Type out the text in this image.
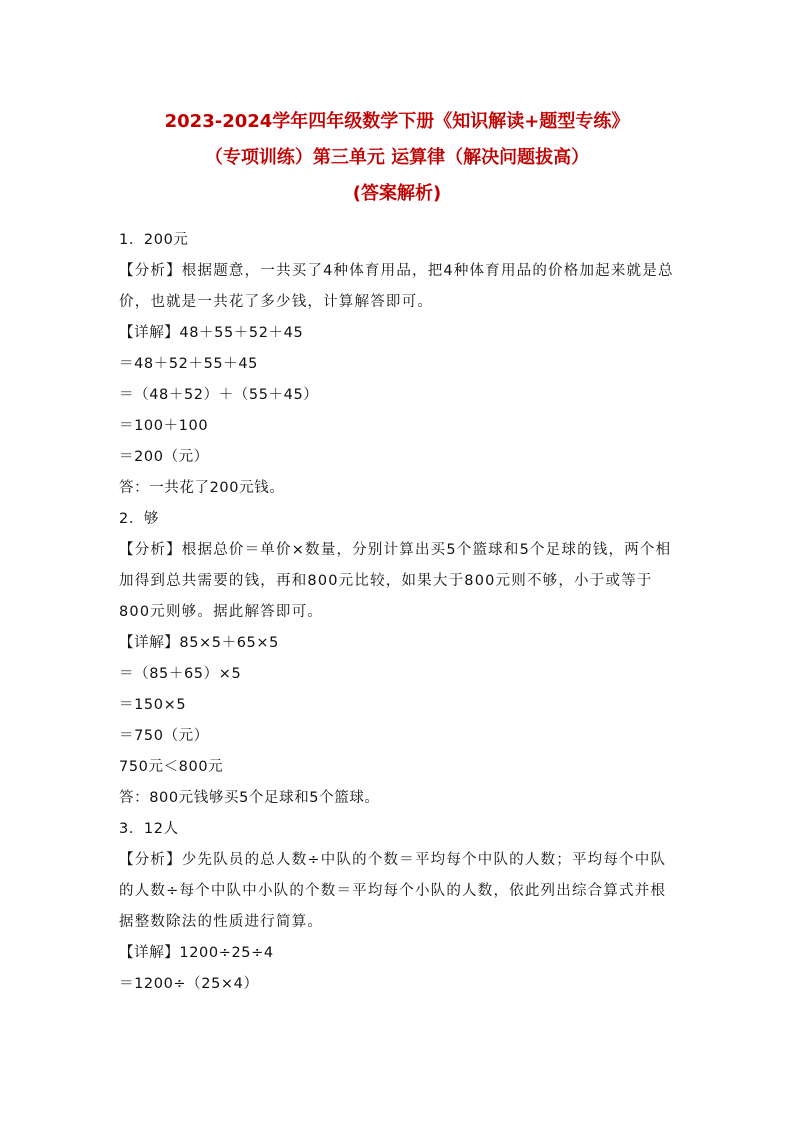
2023-2024学年四年级数学下册《知识解读+题型专练》
（专项训练）第三单元 运算律（解决问题拔高）
(答案解析)
1．200元
【分析】根据题意，一共买了4种体育用品，把4种体育用品的价格加起来就是总价，也就是一共花了多少钱，计算解答即可。
【详解】48＋55＋52＋45
＝48＋52＋55＋45
＝（48＋52）＋（55＋45）
＝100＋100
＝200（元）
答：一共花了200元钱。
2．够
【分析】根据总价＝单价×数量，分别计算出买5个篮球和5个足球的钱，两个相加得到总共需要的钱，再和800元比较，如果大于800元则不够，小于或等于800元则够。据此解答即可。
【详解】85×5＋65×5
＝（85＋65）×5
＝150×5
＝750（元）
750元＜800元
答：800元钱够买5个足球和5个篮球。
3．12人
【分析】少先队员的总人数÷中队的个数＝平均每个中队的人数；平均每个中队的人数÷每个中队中小队的个数＝平均每个小队的人数，依此列出综合算式并根据整数除法的性质进行简算。
【详解】1200÷25÷4
＝1200÷（25×4）
